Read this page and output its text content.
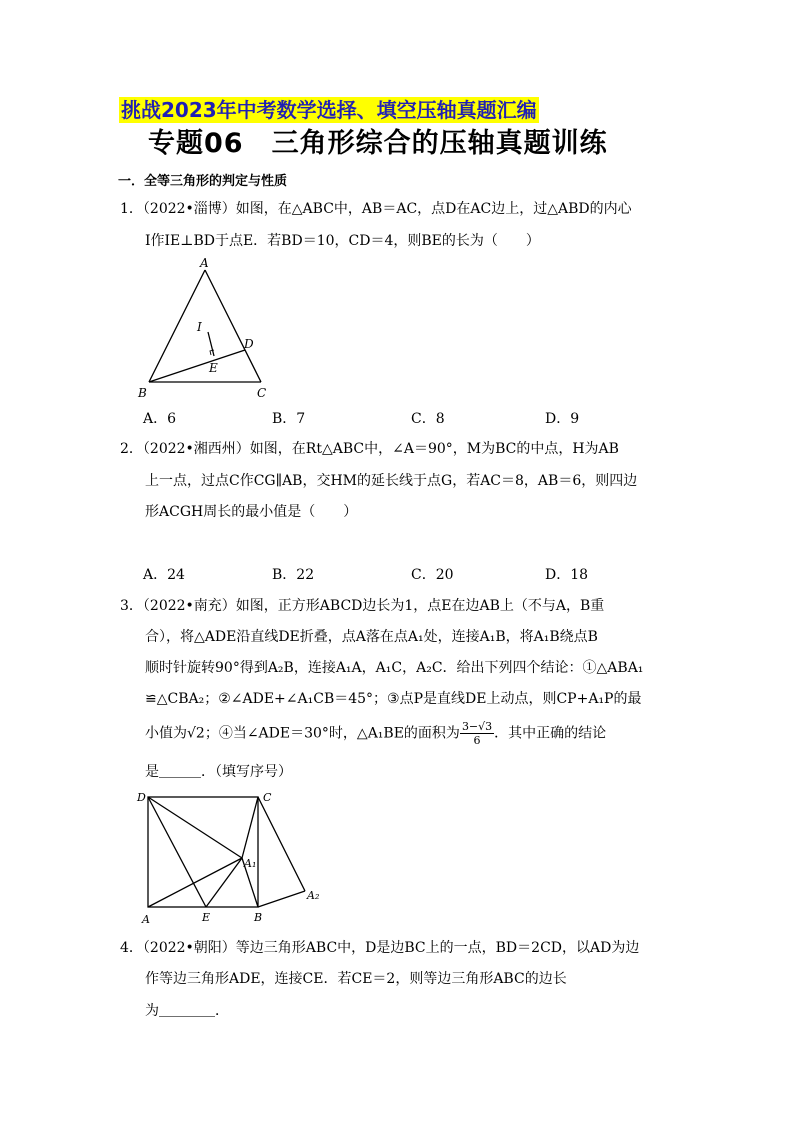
挑战2023年中考数学选择、填空压轴真题汇编
专题06　三角形综合的压轴真题训练
一．全等三角形的判定与性质
1．（2022•淄博）如图，在△ABC中，AB＝AC，点D在AC边上，过△ABD的内心
I作IE⊥BD于点E．若BD＝10，CD＝4，则BE的长为（　　）
A
B	C
D
I
E
A．6	B．7	C．8	D．9
2．（2022•湘西州）如图，在Rt△ABC中，∠A＝90°，M为BC的中点，H为AB
上一点，过点C作CG∥AB，交HM的延长线于点G，若AC＝8，AB＝6，则四边
形ACGH周长的最小值是（　　）
A．24	B．22	C．20	D．18
3．（2022•南充）如图，正方形ABCD边长为1，点E在边AB上（不与A，B重
合），将△ADE沿直线DE折叠，点A落在点A₁处，连接A₁B，将A₁B绕点B
顺时针旋转90°得到A₂B，连接A₁A，A₁C，A₂C．给出下列四个结论：①△ABA₁
≌△CBA₂；②∠ADE+∠A₁CB＝45°；③点P是直线DE上动点，则CP+A₁P的最
小值为√2；④当∠ADE＝30°时，△A₁BE的面积为 $\frac{3-√3}{6}$ ．其中正确的结论
是＿＿＿．（填写序号）
D	C
A₁
A₂
A	E	B
4．（2022•朝阳）等边三角形ABC中，D是边BC上的一点，BD＝2CD，以AD为边
作等边三角形ADE，连接CE．若CE＝2，则等边三角形ABC的边长
为＿＿＿＿．
